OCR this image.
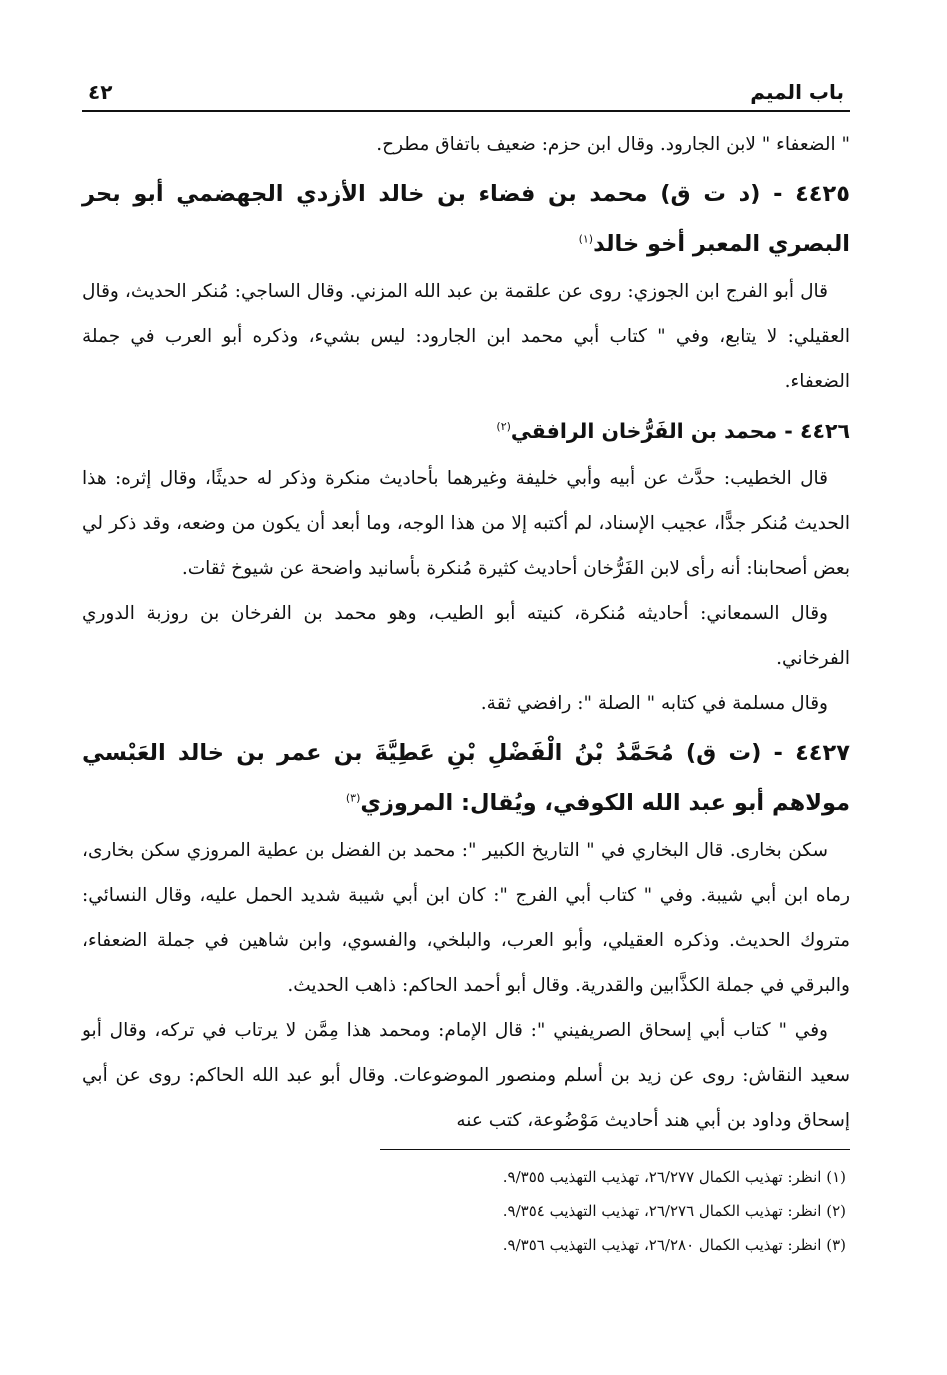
باب الميم
٤٢

" الضعفاء " لابن الجارود. وقال ابن حزم: ضعيف باتفاق مطرح.

٤٤٢٥ - (د ت ق) محمد بن فضاء بن خالد الأزدي الجهضمي أبو بحر البصري المعبر أخو خالد$^{(١)}$

قال أبو الفرج ابن الجوزي: روى عن علقمة بن عبد الله المزني. وقال الساجي: مُنكر الحديث، وقال العقيلي: لا يتابع، وفي " كتاب أبي محمد ابن الجارود: ليس بشيء، وذكره أبو العرب في جملة الضعفاء.

٤٤٢٦ - محمد بن الفَرُّخان الرافقي$^{(٢)}$

قال الخطيب: حدَّث عن أبيه وأبي خليفة وغيرهما بأحاديث منكرة وذكر له حديثًا، وقال إثره: هذا الحديث مُنكر جدًّا، عجيب الإسناد، لم أكتبه إلا من هذا الوجه، وما أبعد أن يكون من وضعه، وقد ذكر لي بعض أصحابنا: أنه رأى لابن الفَرُّخان أحاديث كثيرة مُنكرة بأسانيد واضحة عن شيوخ ثقات.

وقال السمعاني: أحاديثه مُنكرة، كنيته أبو الطيب، وهو محمد بن الفرخان بن روزبة الدوري الفرخاني.

وقال مسلمة في كتابه " الصلة ": رافضي ثقة.

٤٤٢٧ - (ت ق) مُحَمَّدُ بْنُ الْفَضْلِ بْنِ عَطِيَّةَ بن عمر بن خالد العَبْسي مولاهم أبو عبد الله الكوفي، ويُقال: المروزي$^{(٣)}$

سكن بخارى. قال البخاري في " التاريخ الكبير ": محمد بن الفضل بن عطية المروزي سكن بخارى، رماه ابن أبي شيبة. وفي " كتاب أبي الفرج ": كان ابن أبي شيبة شديد الحمل عليه، وقال النسائي: متروك الحديث. وذكره العقيلي، وأبو العرب، والبلخي، والفسوي، وابن شاهين في جملة الضعفاء، والبرقي في جملة الكذَّابين والقدرية. وقال أبو أحمد الحاكم: ذاهب الحديث.

وفي " كتاب أبي إسحاق الصريفيني ": قال الإمام: ومحمد هذا مِمَّن لا يرتاب في تركه، وقال أبو سعيد النقاش: روى عن زيد بن أسلم ومنصور الموضوعات. وقال أبو عبد الله الحاكم: روى عن أبي إسحاق وداود بن أبي هند أحاديث مَوْضُوعة، كتب عنه

(١) انظر: تهذيب الكمال ٢٦/٢٧٧، تهذيب التهذيب ٩/٣٥٥.

(٢) انظر: تهذيب الكمال ٢٦/٢٧٦، تهذيب التهذيب ٩/٣٥٤.

(٣) انظر: تهذيب الكمال ٢٦/٢٨٠، تهذيب التهذيب ٩/٣٥٦.
